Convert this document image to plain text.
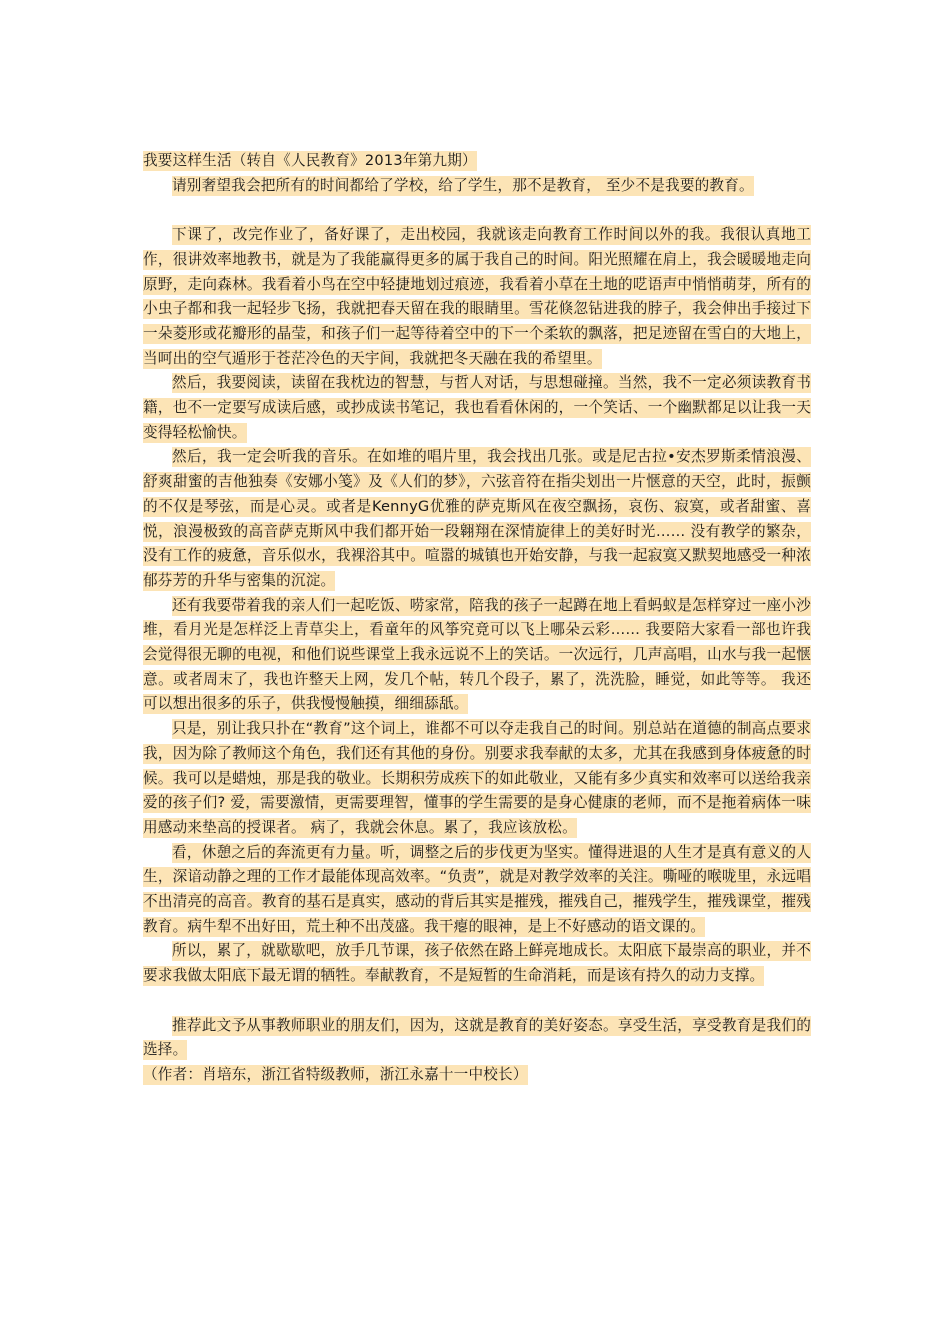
我要这样生活（转自《人民教育》2013年第九期）

请别奢望我会把所有的时间都给了学校，给了学生，那不是教育， 至少不是我要的教育。

下课了，改完作业了，备好课了，走出校园，我就该走向教育工作时间以外的我。我很认真地工作，很讲效率地教书，就是为了我能赢得更多的属于我自己的时间。阳光照耀在肩上，我会暖暖地走向原野，走向森林。我看着小鸟在空中轻捷地划过痕迹，我看着小草在土地的呓语声中悄悄萌芽，所有的小虫子都和我一起轻步飞扬，我就把春天留在我的眼睛里。雪花倏忽钻进我的脖子，我会伸出手接过下一朵菱形或花瓣形的晶莹，和孩子们一起等待着空中的下一个柔软的飘落，把足迹留在雪白的大地上，当呵出的空气遁形于苍茫冷色的天宇间，我就把冬天融在我的希望里。

然后，我要阅读，读留在我枕边的智慧，与哲人对话，与思想碰撞。当然，我不一定必须读教育书籍，也不一定要写成读后感，或抄成读书笔记，我也看看休闲的，一个笑话、一个幽默都足以让我一天变得轻松愉快。

然后，我一定会听我的音乐。在如堆的唱片里，我会找出几张。或是尼古拉•安杰罗斯柔情浪漫、舒爽甜蜜的吉他独奏《安娜小笺》及《人们的梦》，六弦音符在指尖划出一片惬意的天空，此时，振颤的不仅是琴弦，而是心灵。或者是KennyG优雅的萨克斯风在夜空飘扬，哀伤、寂寞，或者甜蜜、喜悦，浪漫极致的高音萨克斯风中我们都开始一段翱翔在深情旋律上的美好时光…… 没有教学的繁杂，没有工作的疲惫，音乐似水，我裸浴其中。喧嚣的城镇也开始安静，与我一起寂寞又默契地感受一种浓郁芬芳的升华与密集的沉淀。

还有我要带着我的亲人们一起吃饭、唠家常，陪我的孩子一起蹲在地上看蚂蚁是怎样穿过一座小沙堆，看月光是怎样泛上青草尖上，看童年的风筝究竟可以飞上哪朵云彩…… 我要陪大家看一部也许我会觉得很无聊的电视，和他们说些课堂上我永远说不上的笑话。一次远行，几声高唱，山水与我一起惬意。或者周末了，我也许整天上网，发几个帖，转几个段子，累了，洗洗脸，睡觉，如此等等。 我还可以想出很多的乐子，供我慢慢触摸，细细舔舐。

只是，别让我只扑在“教育”这个词上，谁都不可以夺走我自己的时间。别总站在道德的制高点要求我，因为除了教师这个角色，我们还有其他的身份。别要求我奉献的太多，尤其在我感到身体疲惫的时候。我可以是蜡烛，那是我的敬业。长期积劳成疾下的如此敬业，又能有多少真实和效率可以送给我亲爱的孩子们? 爱，需要激情，更需要理智，懂事的学生需要的是身心健康的老师，而不是拖着病体一味用感动来垫高的授课者。 病了，我就会休息。累了，我应该放松。

看，休憩之后的奔流更有力量。听，调整之后的步伐更为坚实。懂得进退的人生才是真有意义的人生，深谙动静之理的工作才最能体现高效率。“负责”，就是对教学效率的关注。嘶哑的喉咙里，永远唱不出清亮的高音。教育的基石是真实，感动的背后其实是摧残，摧残自己，摧残学生，摧残课堂，摧残教育。病牛犁不出好田，荒土种不出茂盛。我干瘪的眼神，是上不好感动的语文课的。

所以，累了，就歇歇吧，放手几节课，孩子依然在路上鲜亮地成长。太阳底下最崇高的职业，并不要求我做太阳底下最无谓的牺牲。奉献教育，不是短暂的生命消耗，而是该有持久的动力支撑。

推荐此文予从事教师职业的朋友们，因为，这就是教育的美好姿态。享受生活，享受教育是我们的选择。

（作者：肖培东，浙江省特级教师，浙江永嘉十一中校长）
